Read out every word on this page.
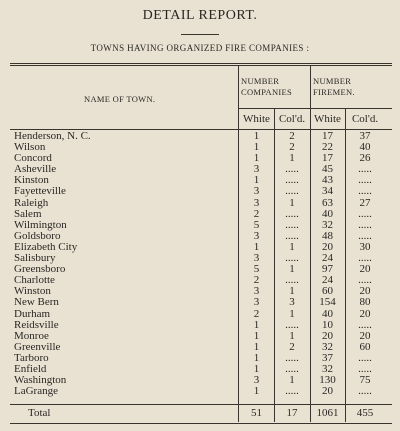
DETAIL REPORT.
TOWNS HAVING ORGANIZED FIRE COMPANIES :
NAME OF TOWN.
NUMBER COMPANIES
NUMBER FIREMEN.
White Col'd. White	Col'd.
Henderson, N. C.	1	2	17	37
Wilson	1	2	22	40
Concord	1	1	17	26
Asheville	3	.....	45	.....
Kinston	1	.....	43	.....
Fayetteville	3	.....	34	.....
Raleigh	3	1	63	27
Salem	2	.....	40	.....
Wilmington	5	.....	32	.....
Goldsboro	3	.....	48	.....
Elizabeth City	1	1	20	30
Salisbury	3	.....	24	.....
Greensboro	5	1	97	20
Charlotte	2	.....	24	.....
Winston	3	1	60	20
New Bern	3	3	154	80
Durham	2	1	40	20
Reidsville	1	.....	10	.....
Monroe	1	1	20	20
Greenville	1	2	32	60
Tarboro	1	.....	37	.....
Enfield	1	.....	32	.....
Washington	3	1	130	75
LaGrange	1	.....	20	.....
Total	51	17	1061	455
